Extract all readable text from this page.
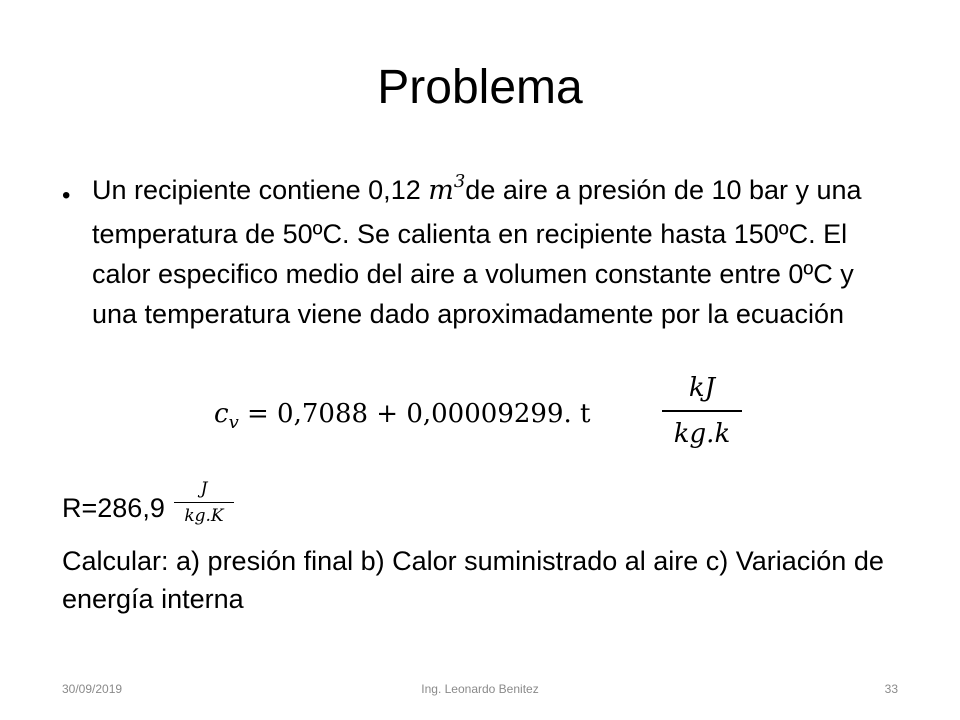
Problema
• Un recipiente contiene 0,12 $m^3de$ aire a presión de 10 bar y una temperatura de 50ºC. Se calienta en recipiente hasta 150ºC. El calor especifico medio del aire a volumen constante entre 0ºC y una temperatura viene dado aproximadamente por la ecuación
$c_v = 0,7088 + 0,00009299$. t
kJ
kg.k
R=286,9
J
kg.K
Calcular: a) presión final b) Calor suministrado al aire c) Variación de energía interna
Ing. Leonardo Benitez
30/09/2019	33
